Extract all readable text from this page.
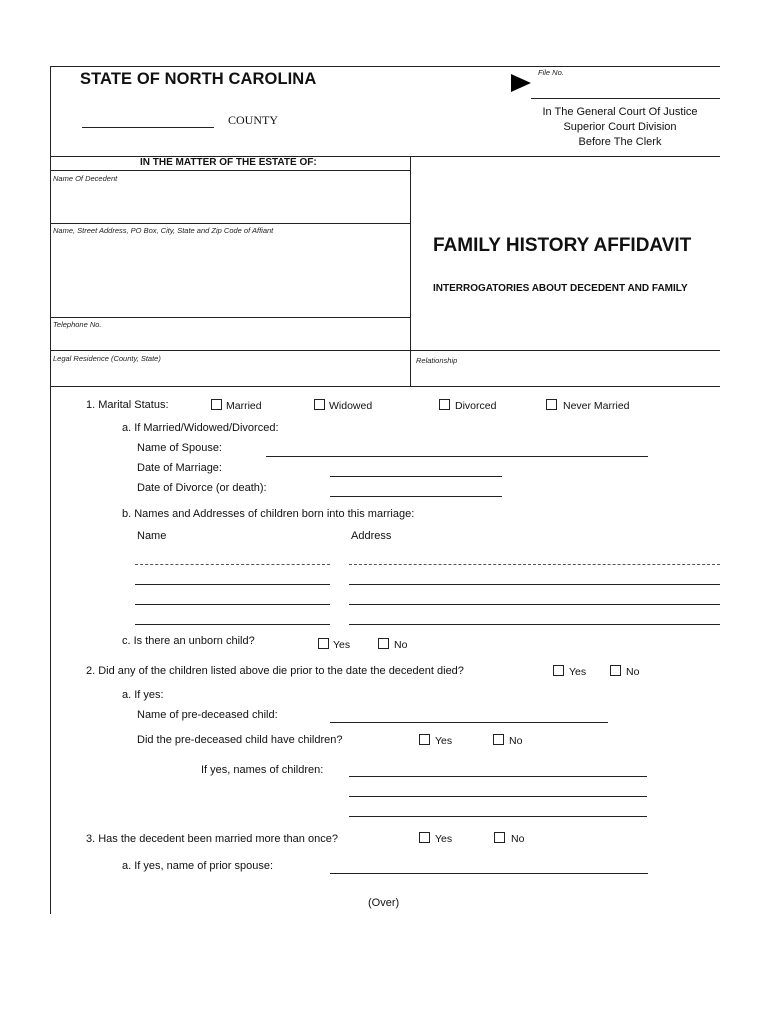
STATE OF NORTH CAROLINA
COUNTY
File No.
In The General Court Of Justice
Superior Court Division
Before The Clerk
IN THE MATTER OF THE ESTATE OF:
Name Of Decedent
Name, Street Address, PO Box, City, State and Zip Code of Affiant
Telephone No.
FAMILY HISTORY AFFIDAVIT
INTERROGATORIES ABOUT DECEDENT AND FAMILY
Legal Residence (County, State)	Relationship
1. Marital Status:	Married	Widowed	Divorced	Never Married
a. If Married/Widowed/Divorced:
Name of Spouse:
Date of Marriage:
Date of Divorce (or death):
b. Names and Addresses of children born into this marriage:
Name	Address
c. Is there an unborn child?	Yes	No
2. Did any of the children listed above die prior to the date the decedent died?	Yes	No
a. If yes:
Name of pre-deceased child:
Did the pre-deceased child have children?	Yes	No
If yes, names of children:
3. Has the decedent been married more than once?	Yes	No
a. If yes, name of prior spouse:
(Over)
